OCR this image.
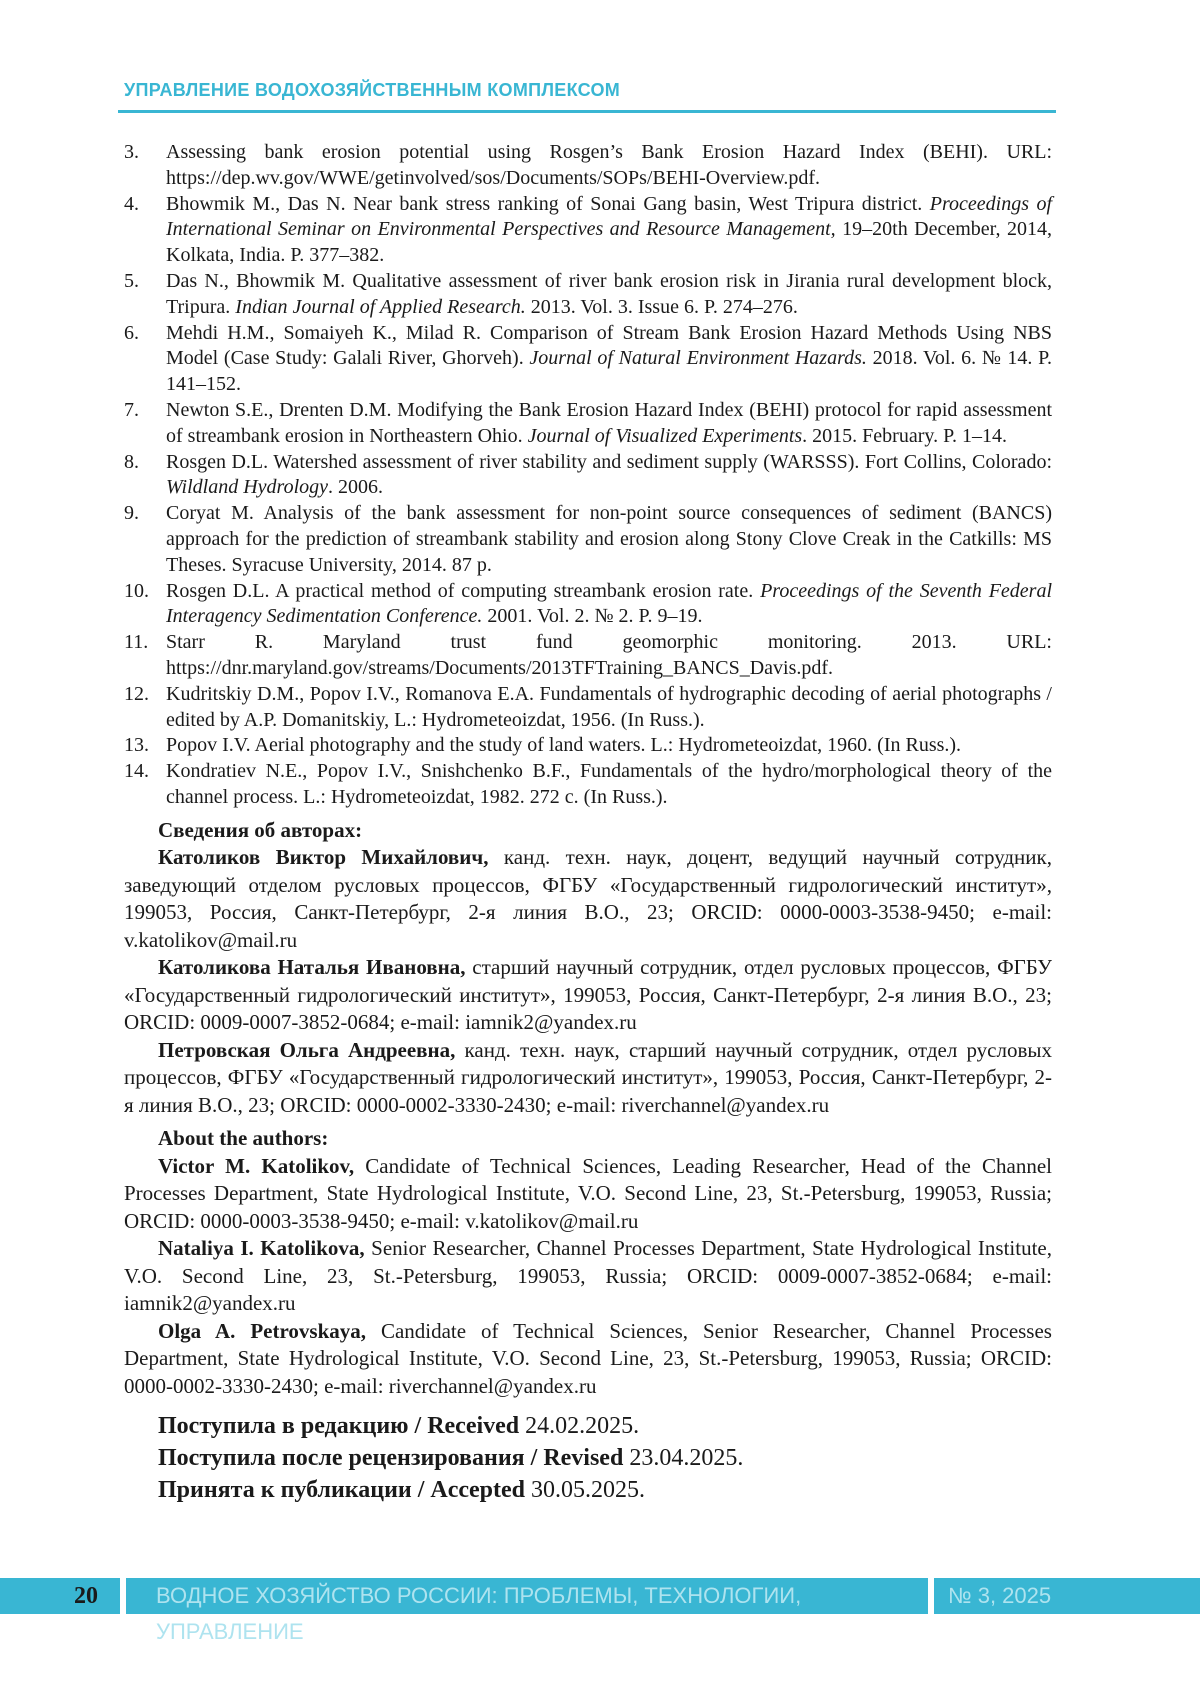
УПРАВЛЕНИЕ ВОДОХОЗЯЙСТВЕННЫМ КОМПЛЕКСОМ
3. Assessing bank erosion potential using Rosgen’s Bank Erosion Hazard Index (BEHI). URL: https://dep.wv.gov/WWE/getinvolved/sos/Documents/SOPs/BEHI-Overview.pdf.
4. Bhowmik M., Das N. Near bank stress ranking of Sonai Gang basin, West Tripura district. Proceedings of International Seminar on Environmental Perspectives and Resource Management, 19–20th December, 2014, Kolkata, India. P. 377–382.
5. Das N., Bhowmik M. Qualitative assessment of river bank erosion risk in Jirania rural development block, Tripura. Indian Journal of Applied Research. 2013. Vol. 3. Issue 6. P. 274–276.
6. Mehdi H.M., Somaiyeh K., Milad R. Comparison of Stream Bank Erosion Hazard Methods Using NBS Model (Case Study: Galali River, Ghorveh). Journal of Natural Environment Hazards. 2018. Vol. 6. № 14. P. 141–152.
7. Newton S.E., Drenten D.M. Modifying the Bank Erosion Hazard Index (BEHI) protocol for rapid assessment of streambank erosion in Northeastern Ohio. Journal of Visualized Experiments. 2015. February. P. 1–14.
8. Rosgen D.L. Watershed assessment of river stability and sediment supply (WARSSS). Fort Collins, Colorado: Wildland Hydrology. 2006.
9. Coryat M. Analysis of the bank assessment for non-point source consequences of sediment (BANCS) approach for the prediction of streambank stability and erosion along Stony Clove Creak in the Catkills: MS Theses. Syracuse University, 2014. 87 p.
10. Rosgen D.L. A practical method of computing streambank erosion rate. Proceedings of the Seventh Federal Interagency Sedimentation Conference. 2001. Vol. 2. № 2. P. 9–19.
11. Starr R. Maryland trust fund geomorphic monitoring. 2013. URL: https://dnr.maryland.gov/streams/Documents/2013TFTraining_BANCS_Davis.pdf.
12. Kudritskiy D.M., Popov I.V., Romanova E.A. Fundamentals of hydrographic decoding of aerial photographs / edited by A.P. Domanitskiy, L.: Hydrometeoizdat, 1956. (In Russ.).
13. Popov I.V. Aerial photography and the study of land waters. L.: Hydrometeoizdat, 1960. (In Russ.).
14. Kondratiev N.E., Popov I.V., Snishchenko B.F., Fundamentals of the hydro/morphological theory of the channel process. L.: Hydrometeoizdat, 1982. 272 c. (In Russ.).
Сведения об авторах:
Католиков Виктор Михайлович, канд. техн. наук, доцент, ведущий научный сотрудник, заведующий отделом русловых процессов, ФГБУ «Государственный гидрологический институт», 199053, Россия, Санкт-Петербург, 2-я линия В.О., 23; ORCID: 0000-0003-3538-9450; e-mail: v.katolikov@mail.ru
Католикова Наталья Ивановна, старший научный сотрудник, отдел русловых процессов, ФГБУ «Государственный гидрологический институт», 199053, Россия, Санкт-Петербург, 2-я линия В.О., 23; ORCID: 0009-0007-3852-0684; e-mail: iamnik2@yandex.ru
Петровская Ольга Андреевна, канд. техн. наук, старший научный сотрудник, отдел русловых процессов, ФГБУ «Государственный гидрологический институт», 199053, Россия, Санкт-Петербург, 2-я линия В.О., 23; ORCID: 0000-0002-3330-2430; e-mail: riverchannel@yandex.ru
About the authors:
Victor M. Katolikov, Candidate of Technical Sciences, Leading Researcher, Head of the Channel Processes Department, State Hydrological Institute, V.O. Second Line, 23, St.-Petersburg, 199053, Russia; ORCID: 0000-0003-3538-9450; e-mail: v.katolikov@mail.ru
Nataliya I. Katolikova, Senior Researcher, Channel Processes Department, State Hydrological Institute, V.O. Second Line, 23, St.-Petersburg, 199053, Russia; ORCID: 0009-0007-3852-0684; e-mail: iamnik2@yandex.ru
Olga A. Petrovskaya, Candidate of Technical Sciences, Senior Researcher, Channel Processes Department, State Hydrological Institute, V.O. Second Line, 23, St.-Petersburg, 199053, Russia; ORCID: 0000-0002-3330-2430; e-mail: riverchannel@yandex.ru
Поступила в редакцию / Received 24.02.2025.
Поступила после рецензирования / Revised 23.04.2025.
Принята к публикации / Accepted 30.05.2025.
20	ВОДНОЕ ХОЗЯЙСТВО РОССИИ: ПРОБЛЕМЫ, ТЕХНОЛОГИИ, УПРАВЛЕНИЕ
№ 3, 2025
